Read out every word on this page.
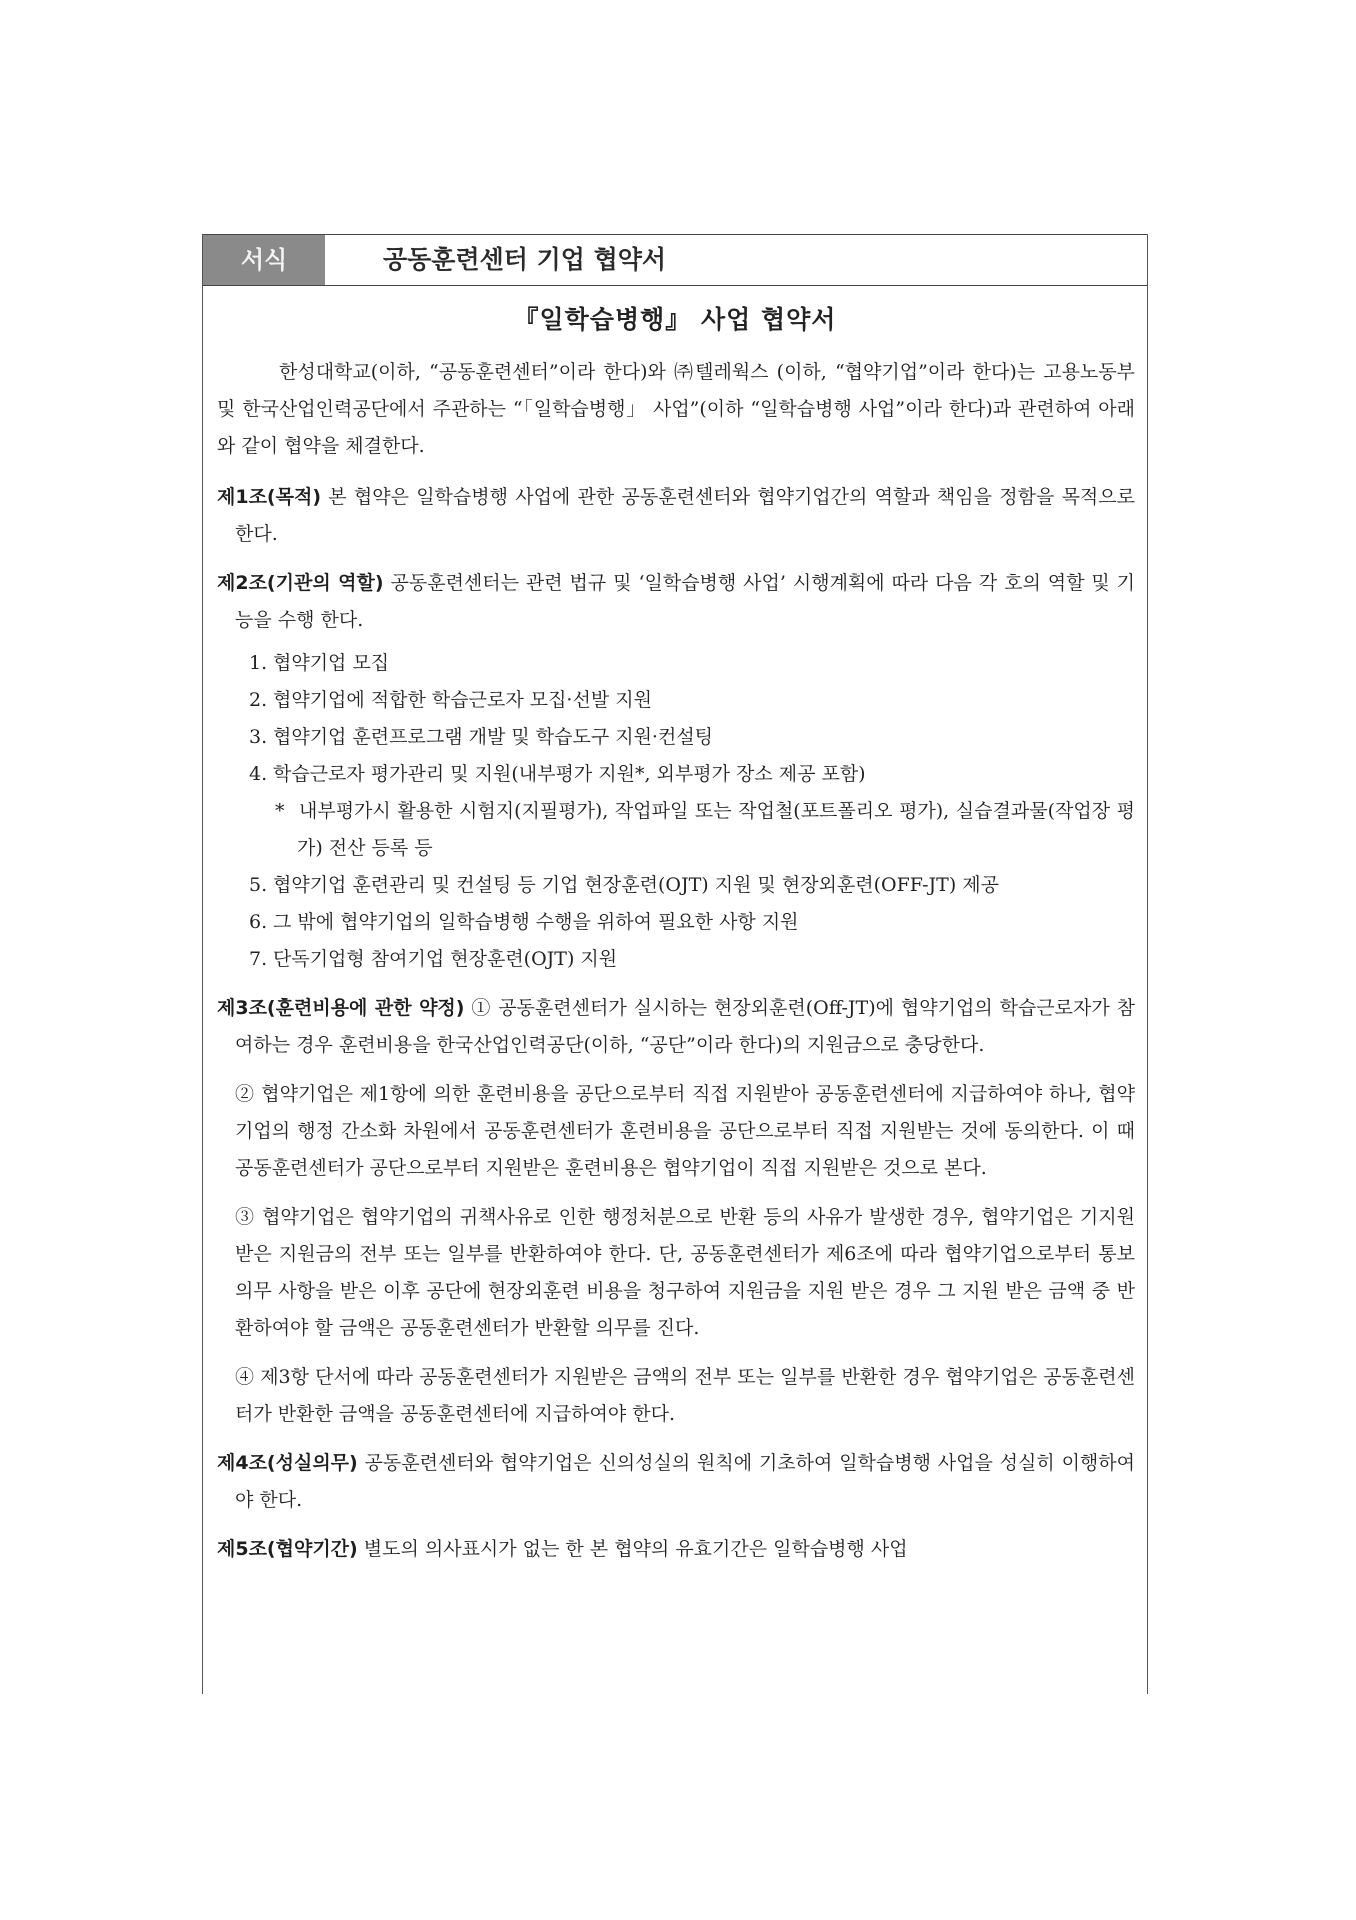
서식	공동훈련센터 기업 협약서
『일학습병행』 사업 협약서

한성대학교(이하, “공동훈련센터”이라 한다)와 ㈜텔레웍스 (이하, “협약기업”이라 한다)는 고용노동부 및 한국산업인력공단에서 주관하는 “「일학습병행」 사업”(이하 “일학습병행 사업”이라 한다)과 관련하여 아래와 같이 협약을 체결한다.

제1조(목적) 본 협약은 일학습병행 사업에 관한 공동훈련센터와 협약기업간의 역할과 책임을 정함을 목적으로 한다.

제2조(기관의 역할) 공동훈련센터는 관련 법규 및 ‘일학습병행 사업’ 시행계획에 따라 다음 각 호의 역할 및 기능을 수행 한다.

1. 협약기업 모집
2. 협약기업에 적합한 학습근로자 모집·선발 지원
3. 협약기업 훈련프로그램 개발 및 학습도구 지원·컨설팅
4. 학습근로자 평가관리 및 지원(내부평가 지원*, 외부평가 장소 제공 포함)
* 내부평가시 활용한 시험지(지필평가), 작업파일 또는 작업철(포트폴리오 평가), 실습결과물(작업장 평가) 전산 등록 등
5. 협약기업 훈련관리 및 컨설팅 등 기업 현장훈련(OJT) 지원 및 현장외훈련(OFF-JT) 제공
6. 그 밖에 협약기업의 일학습병행 수행을 위하여 필요한 사항 지원
7. 단독기업형 참여기업 현장훈련(OJT) 지원

제3조(훈련비용에 관한 약정) ① 공동훈련센터가 실시하는 현장외훈련(Off-JT)에 협약기업의 학습근로자가 참여하는 경우 훈련비용을 한국산업인력공단(이하, “공단”이라 한다)의 지원금으로 충당한다.

② 협약기업은 제1항에 의한 훈련비용을 공단으로부터 직접 지원받아 공동훈련센터에 지급하여야 하나, 협약기업의 행정 간소화 차원에서 공동훈련센터가 훈련비용을 공단으로부터 직접 지원받는 것에 동의한다. 이 때 공동훈련센터가 공단으로부터 지원받은 훈련비용은 협약기업이 직접 지원받은 것으로 본다.

③ 협약기업은 협약기업의 귀책사유로 인한 행정처분으로 반환 등의 사유가 발생한 경우, 협약기업은 기지원 받은 지원금의 전부 또는 일부를 반환하여야 한다. 단, 공동훈련센터가 제6조에 따라 협약기업으로부터 통보의무 사항을 받은 이후 공단에 현장외훈련 비용을 청구하여 지원금을 지원 받은 경우 그 지원 받은 금액 중 반환하여야 할 금액은 공동훈련센터가 반환할 의무를 진다.

④ 제3항 단서에 따라 공동훈련센터가 지원받은 금액의 전부 또는 일부를 반환한 경우 협약기업은 공동훈련센터가 반환한 금액을 공동훈련센터에 지급하여야 한다.

제4조(성실의무) 공동훈련센터와 협약기업은 신의성실의 원칙에 기초하여 일학습병행 사업을 성실히 이행하여야 한다.

제5조(협약기간) 별도의 의사표시가 없는 한 본 협약의 유효기간은 일학습병행 사업
